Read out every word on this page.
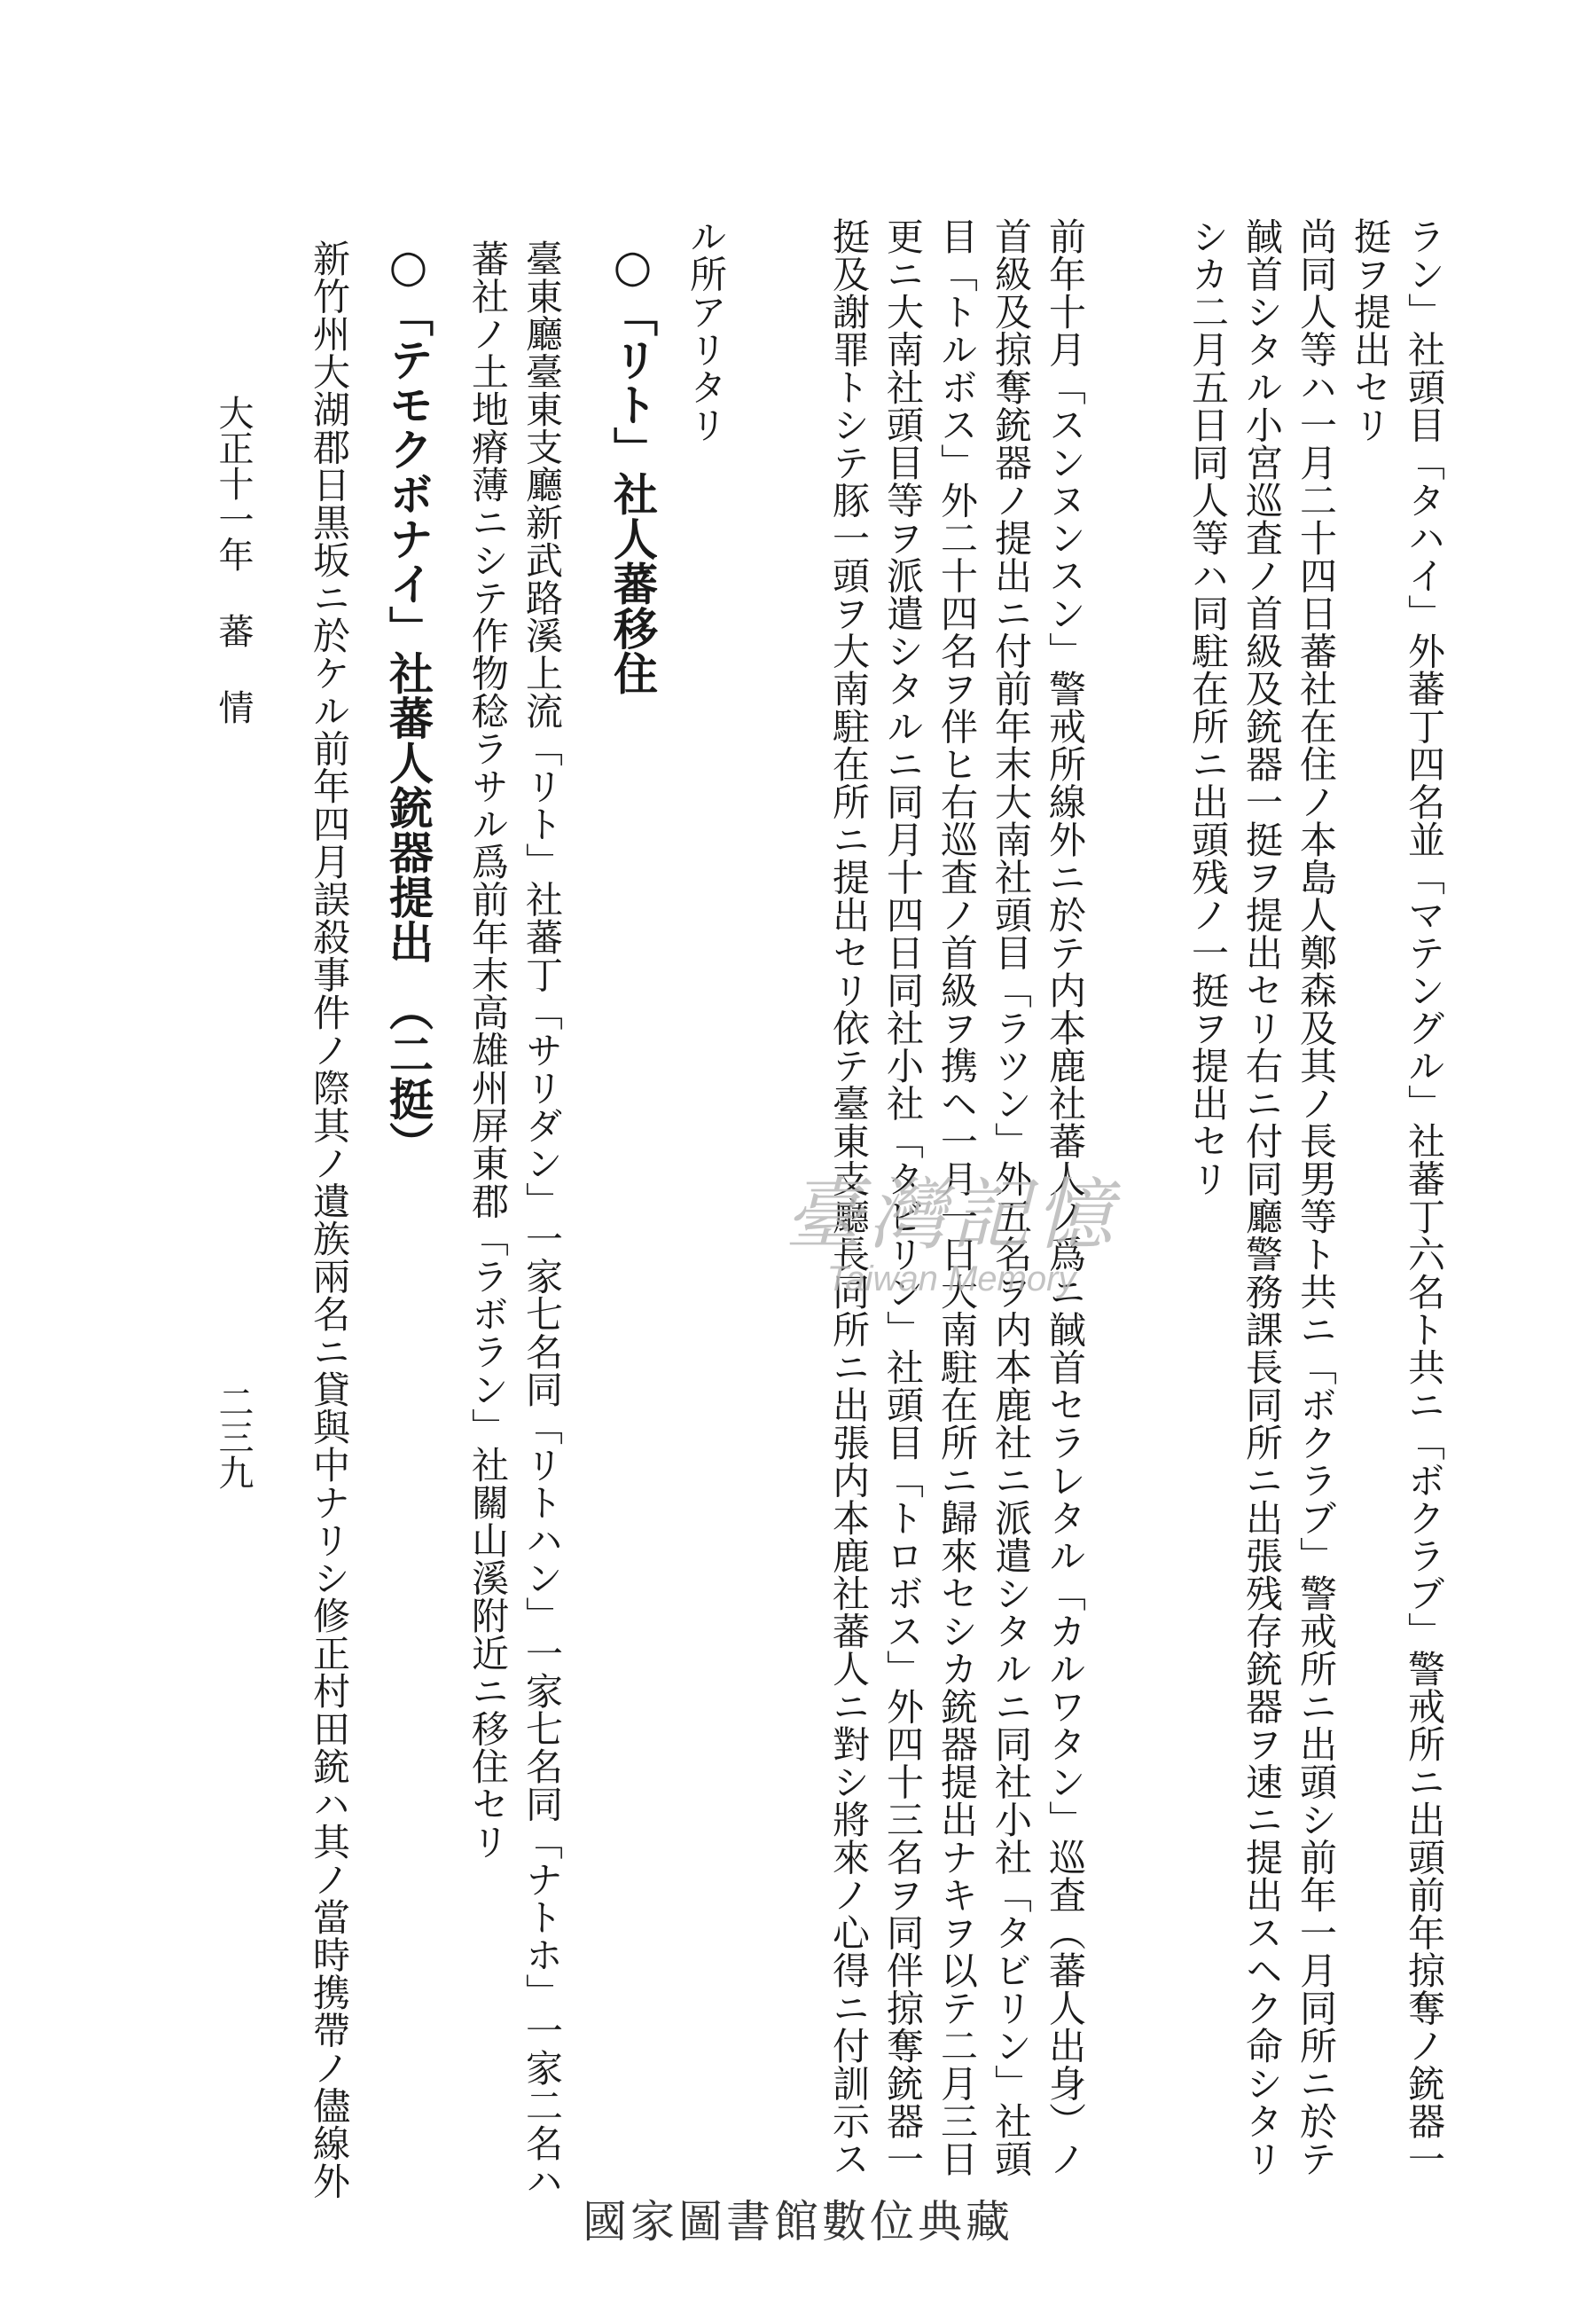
ラン」社頭目「タハイ」外蕃丁四名並「マテングル」社蕃丁六名ト共ニ「ボクラブ」警戒所ニ出頭前年掠奪ノ銃器一
挺ヲ提出セリ
尚同人等ハ一月二十四日蕃社在住ノ本島人鄭森及其ノ長男等ト共ニ「ボクラブ」警戒所ニ出頭シ前年一月同所ニ於テ
馘首シタル小宮巡査ノ首級及銃器一挺ヲ提出セリ右ニ付同廳警務課長同所ニ出張残存銃器ヲ速ニ提出スヘク命シタリ
シカ二月五日同人等ハ同駐在所ニ出頭残ノ一挺ヲ提出セリ
前年十月「スンヌンスン」警戒所線外ニ於テ内本鹿社蕃人ノ爲ニ馘首セラレタル「カルワタン」巡査（蕃人出身）ノ
首級及掠奪銃器ノ提出ニ付前年末大南社頭目「ラツン」外五名ヲ内本鹿社ニ派遣シタルニ同社小社「タビリン」社頭
目「トルボス」外二十四名ヲ伴ヒ右巡査ノ首級ヲ携ヘ一月一日大南駐在所ニ歸來セシカ銃器提出ナキヲ以テ二月三日
更ニ大南社頭目等ヲ派遣シタルニ同月十四日同社小社「タビリン」社頭目「トロボス」外四十三名ヲ同伴掠奪銃器一
挺及謝罪トシテ豚一頭ヲ大南駐在所ニ提出セリ依テ臺東支廳長同所ニ出張内本鹿社蕃人ニ對シ將來ノ心得ニ付訓示ス
ル所アリタリ
○「リト」社人蕃移住
臺東廳臺東支廳新武路溪上流「リト」社蕃丁「サリダン」一家七名同「リトハン」一家七名同「ナトホ」一家二名ハ
蕃社ノ土地瘠薄ニシテ作物稔ラサル爲前年末高雄州屏東郡「ラボラン」社關山溪附近ニ移住セリ
○「テモクボナイ」社蕃人銃器提出　（二挺）
新竹州大湖郡日黒坂ニ於ケル前年四月誤殺事件ノ際其ノ遺族兩名ニ貸與中ナリシ修正村田銃ハ其ノ當時携帶ノ儘線外
大正十一年 蕃 情
二三九
臺灣記憶
Taiwan Memory
國家圖書館數位典藏
